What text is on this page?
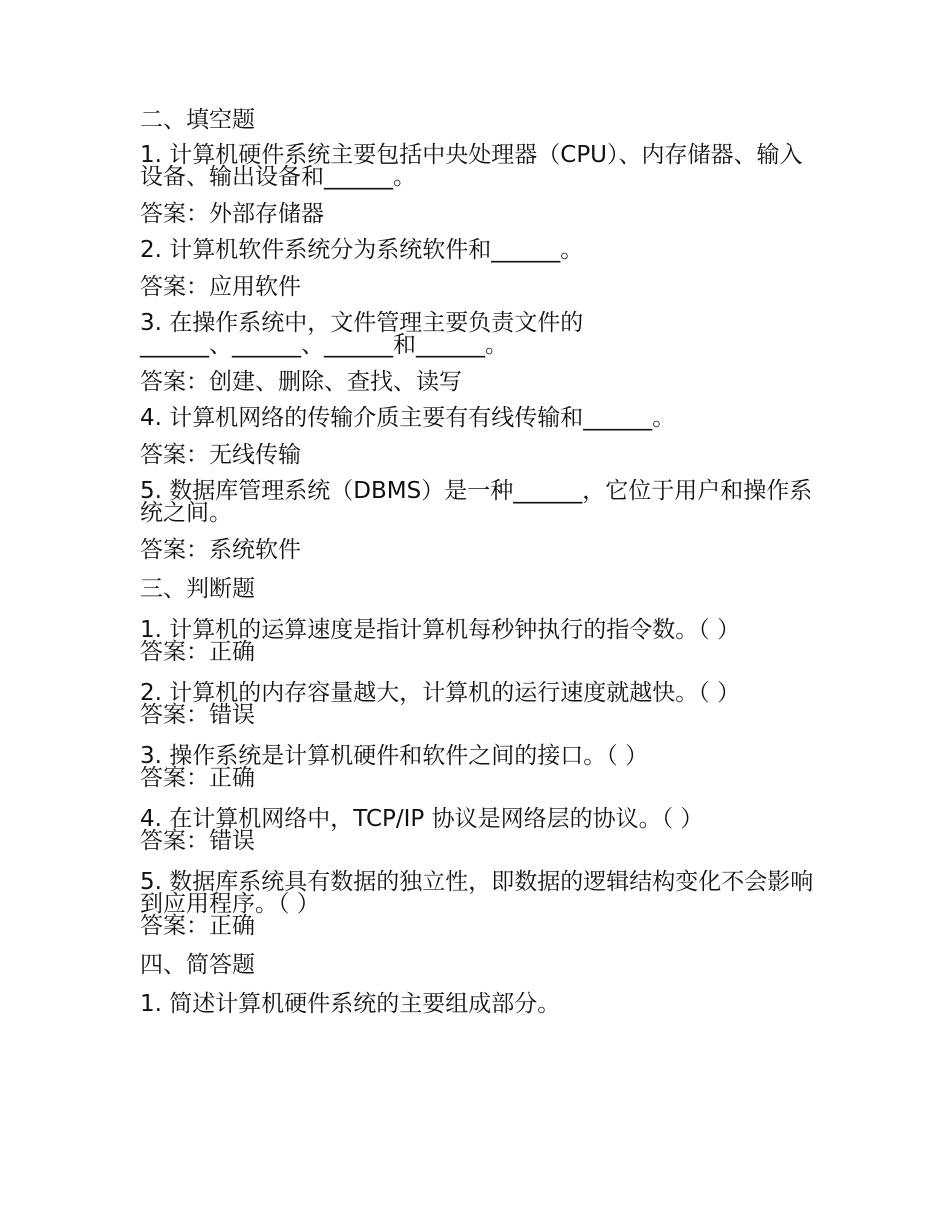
二、填空题
1. 计算机硬件系统主要包括中央处理器（CPU）、内存储器、输入设备、输出设备和______。
答案：外部存储器
2. 计算机软件系统分为系统软件和______。
答案：应用软件
3. 在操作系统中，文件管理主要负责文件的______、______、______和______。
答案：创建、删除、查找、读写
4. 计算机网络的传输介质主要有有线传输和______。
答案：无线传输
5. 数据库管理系统（DBMS）是一种______，它位于用户和操作系统之间。
答案：系统软件
三、判断题
1. 计算机的运算速度是指计算机每秒钟执行的指令数。（ ）
答案：正确
2. 计算机的内存容量越大，计算机的运行速度就越快。（ ）
答案：错误
3. 操作系统是计算机硬件和软件之间的接口。（ ）
答案：正确
4. 在计算机网络中，TCP/IP 协议是网络层的协议。（ ）
答案：错误
5. 数据库系统具有数据的独立性，即数据的逻辑结构变化不会影响到应用程序。（ ）
答案：正确
四、简答题
1. 简述计算机硬件系统的主要组成部分。
